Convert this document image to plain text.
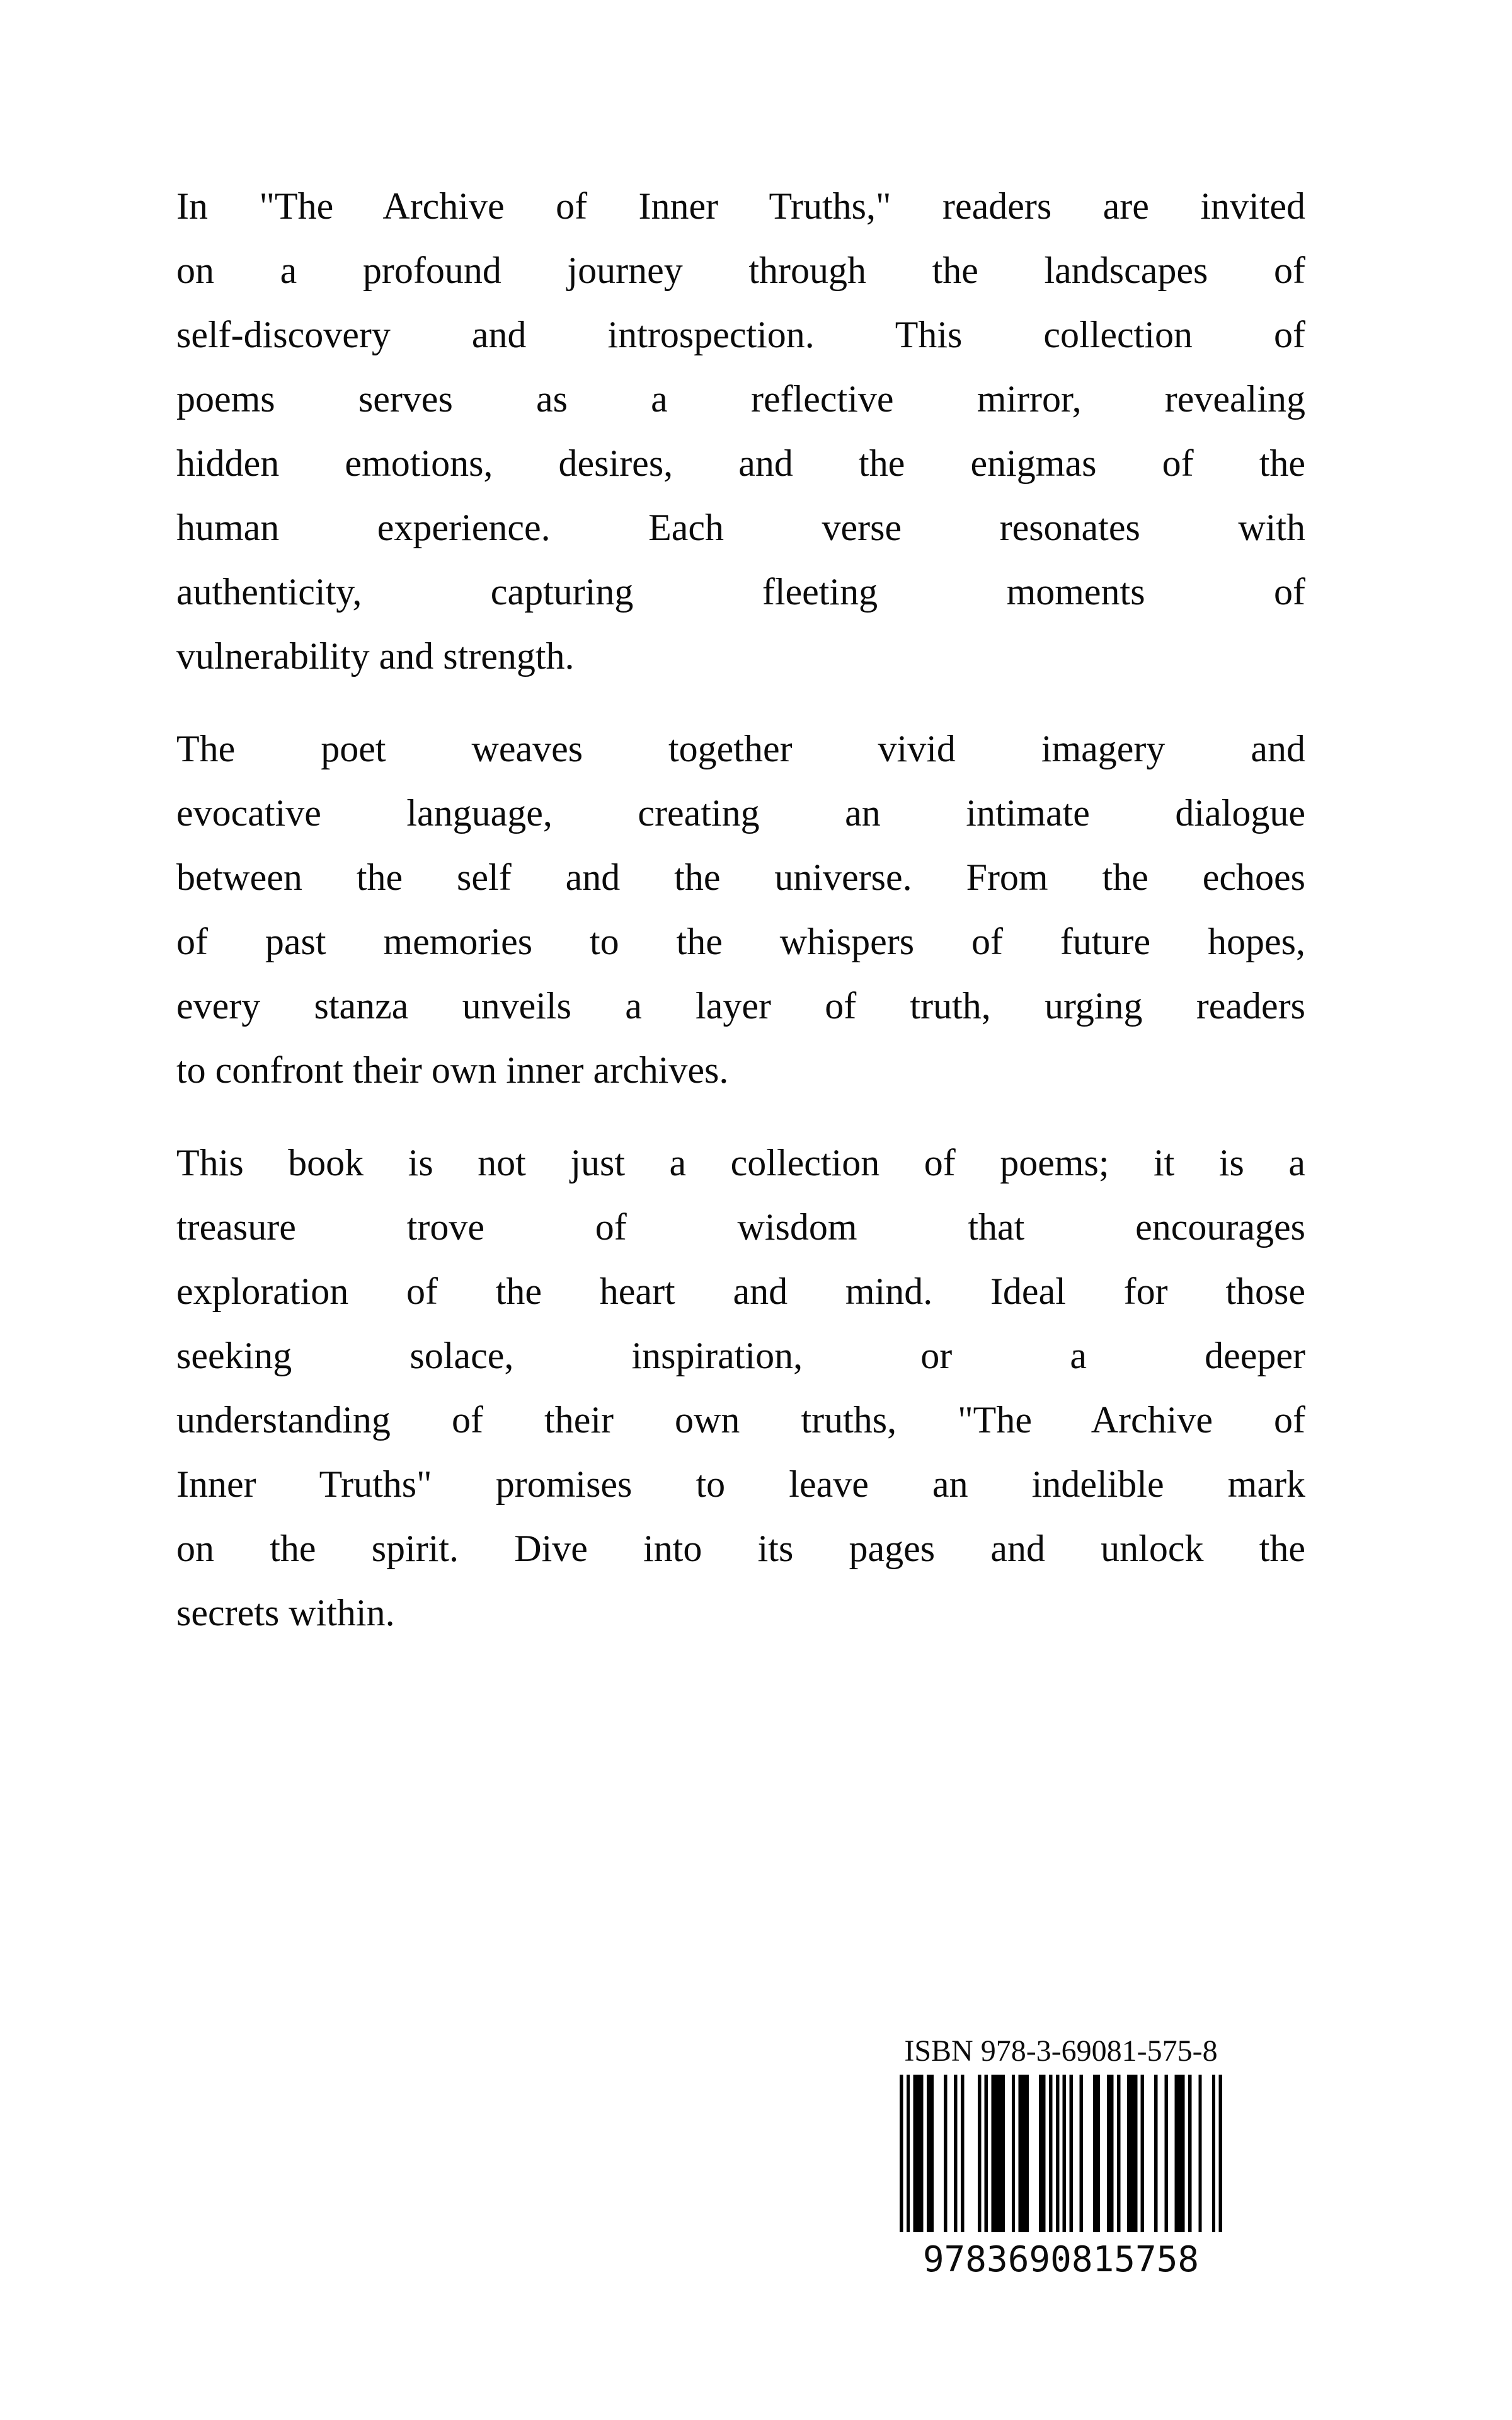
In "The Archive of Inner Truths," readers are invited
on a profound journey through the landscapes of
self-discovery and introspection. This collection of
poems serves as a reflective mirror, revealing
hidden emotions, desires, and the enigmas of the
human experience. Each verse resonates with
authenticity, capturing fleeting moments of
vulnerability and strength.
The poet weaves together vivid imagery and
evocative language, creating an intimate dialogue
between the self and the universe. From the echoes
of past memories to the whispers of future hopes,
every stanza unveils a layer of truth, urging readers
to confront their own inner archives.
This book is not just a collection of poems; it is a
treasure trove of wisdom that encourages
exploration of the heart and mind. Ideal for those
seeking solace, inspiration, or a deeper
understanding of their own truths, "The Archive of
Inner Truths" promises to leave an indelible mark
on the spirit. Dive into its pages and unlock the
secrets within.
ISBN 978-3-69081-575-8
9783690815758
